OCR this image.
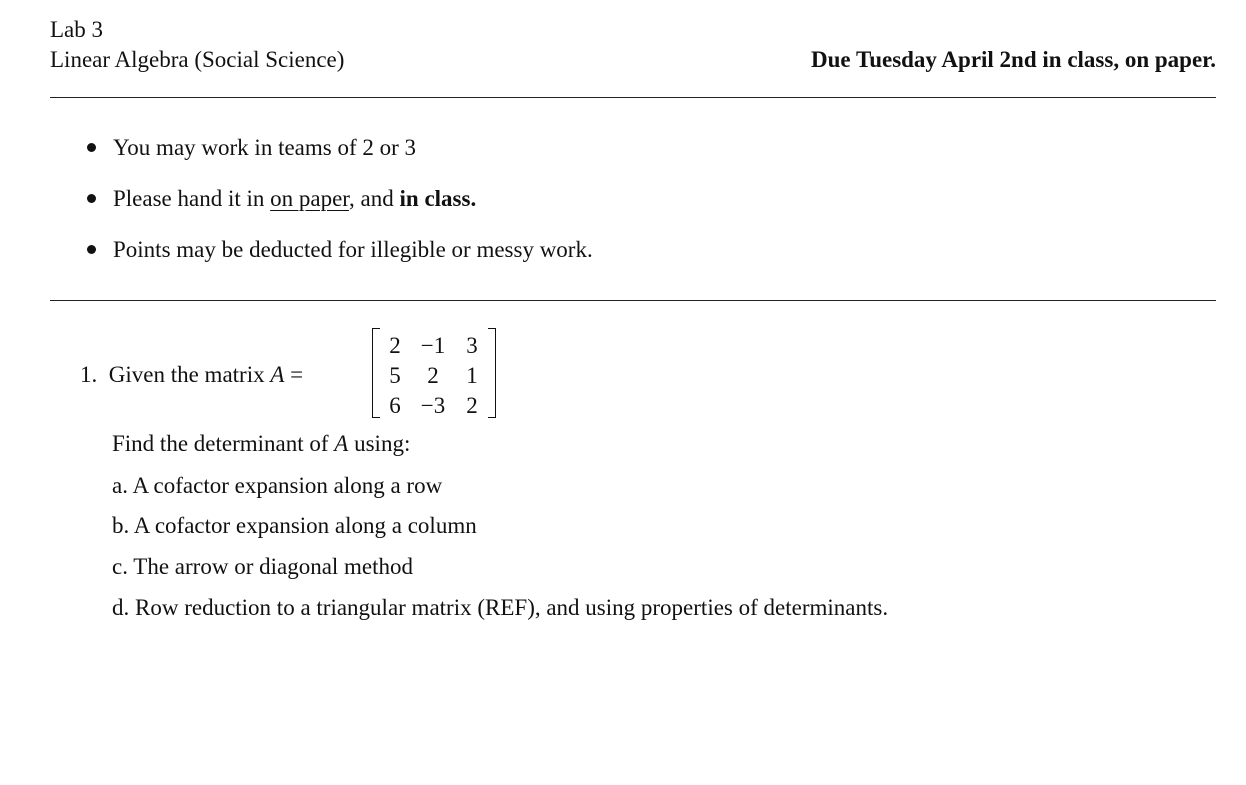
Lab 3
Linear Algebra (Social Science)	Due Tuesday April 2nd in class, on paper.
You may work in teams of 2 or 3
Please hand it in on paper, and in class.
Points may be deducted for illegible or messy work.
1. Given the matrix A =
2 −1 3
5	2	1
6 −3 2
Find the determinant of A using:
a. A cofactor expansion along a row
b. A cofactor expansion along a column
c. The arrow or diagonal method
d. Row reduction to a triangular matrix (REF), and using properties of determinants.
